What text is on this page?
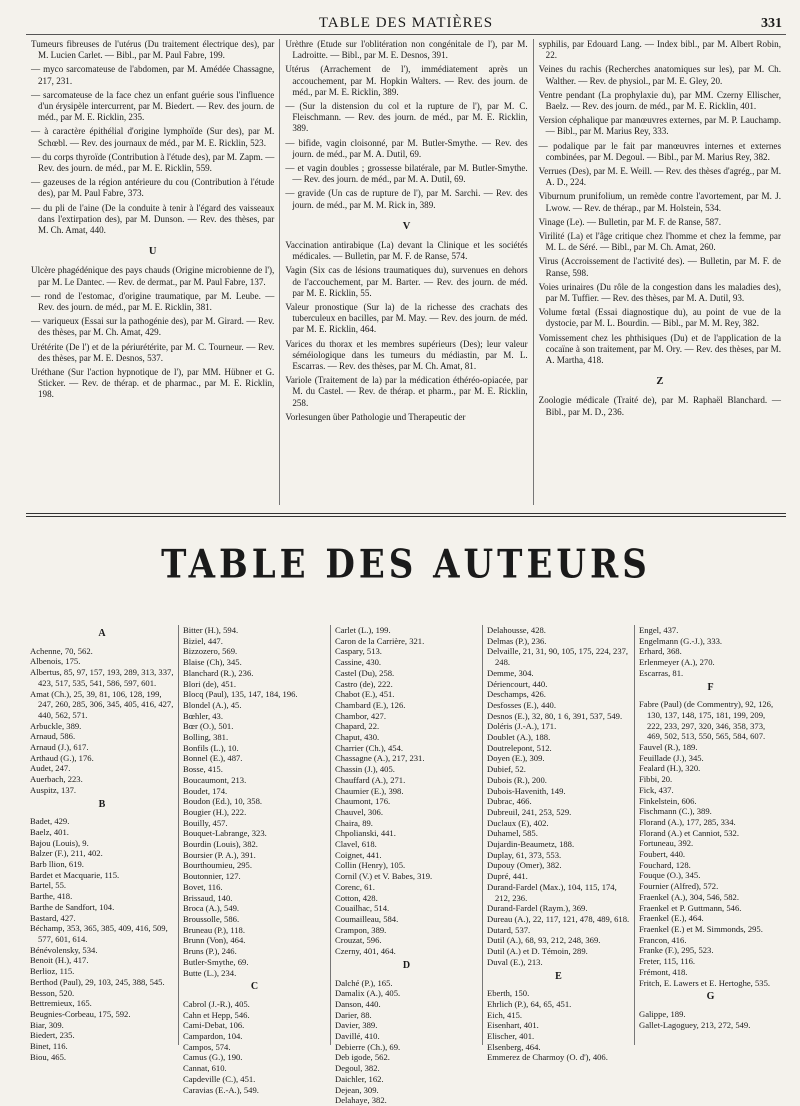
TABLE DES MATIÈRES	331

Tumeurs fibreuses de l'utérus (Du traitement électrique des), par M. Lucien Carlet. — Bibl., par M. Paul Fabre, 199.

— myco sarcomateuse de l'abdomen, par M. Amédée Chassagne, 217, 231.

— sarcomateuse de la face chez un enfant guérie sous l'influence d'un érysipèle intercurrent, par M. Biedert. — Rev. des journ. de méd., par M. E. Ricklin, 235.

— à caractère épithélial d'origine lymphoïde (Sur des), par M. Schœbl. — Rev. des journaux de méd., par M. E. Ricklin, 523.

— du corps thyroïde (Contribution à l'étude des), par M. Zapm. — Rev. des journ. de méd., par M. E. Ricklin, 559.

— gazeuses de la région antérieure du cou (Contribution à l'étude des), par M. Paul Fabre, 373.

— du pli de l'aine (De la conduite à tenir à l'égard des vaisseaux dans l'extirpation des), par M. Dunson. — Rev. des thèses, par M. Ch. Amat, 440.

U

Ulcère phagédénique des pays chauds (Origine microbienne de l'), par M. Le Dantec. — Rev. de dermat., par M. Paul Fabre, 137.

— rond de l'estomac, d'origine traumatique, par M. Leube. — Rev. des journ. de méd., par M. E. Ricklin, 381.

— variqueux (Essai sur la pathogénie des), par M. Girard. — Rev. des thèses, par M. Ch. Amat, 429.

Urétérite (De l') et de la périurétérite, par M. C. Tourneur. — Rev. des thèses, par M. E. Desnos, 537.

Uréthane (Sur l'action hypnotique de l'), par MM. Hübner et G. Sticker. — Rev. de thérap. et de pharmac., par M. E. Ricklin, 198.

Urèthre (Etude sur l'oblitération non congénitale de l'), par M. Ladroitte. — Bibl., par M. E. Desnos, 391.

Utérus (Arrachement de l'), immédiatement après un accouchement, par M. Hopkin Walters. — Rev. des journ. de méd., par M. E. Ricklin, 389.

— (Sur la distension du col et la rupture de l'), par M. C. Fleischmann. — Rev. des journ. de méd., par M. E. Ricklin, 389.

— bifide, vagin cloisonné, par M. Butler-Smythe. — Rev. des journ. de méd., par M. A. Dutil, 69.

— et vagin doubles ; grossesse bilatérale, par M. Butler-Smythe. — Rev. des journ. de méd., par M. A. Dutil, 69.

— gravide (Un cas de rupture de l'), par M. Sarchi. — Rev. des journ. de méd., par M. M. Rick in, 389.

V

Vaccination antirabique (La) devant la Clinique et les sociétés médicales. — Bulletin, par M. F. de Ranse, 574.

Vagin (Six cas de lésions traumatiques du), survenues en dehors de l'accouchement, par M. Barter. — Rev. des journ. de méd. par M. E. Ricklin, 55.

Valeur pronostique (Sur la) de la richesse des crachats des tuberculeux en bacilles, par M. May. — Rev. des journ. de méd. par M. E. Ricklin, 464.

Varices du thorax et les membres supérieurs (Des); leur valeur séméiologique dans les tumeurs du médiastin, par M. L. Escarras. — Rev. des thèses, par M. Ch. Amat, 81.

Variole (Traitement de la) par la médication éthéréo-opiacée, par M. du Castel. — Rev. de thérap. et pharm., par M. E. Ricklin, 258.

Vorlesungen über Pathologie und Therapeutic der

syphilis, par Edouard Lang. — Index bibl., par M. Albert Robin, 22.

Veines du rachis (Recherches anatomiques sur les), par M. Ch. Walther. — Rev. de physiol., par M. E. Gley, 20.

Ventre pendant (La prophylaxie du), par MM. Czerny Ellischer, Baelz. — Rev. des journ. de méd., par M. E. Ricklin, 401.

Version céphalique par manœuvres externes, par M. P. Lauchamp. — Bibl., par M. Marius Rey, 333.

— podalique par le fait par manœuvres internes et externes combinées, par M. Degoul. — Bibl., par M. Marius Rey, 382.

Verrues (Des), par M. E. Weill. — Rev. des thèses d'agrég., par M. A. D., 224.

Viburnum prunifolium, un remède contre l'avortement, par M. J. Lwow. — Rev. de thérap., par M. Holstein, 534.

Vinage (Le). — Bulletin, par M. F. de Ranse, 587.

Virilité (La) et l'âge critique chez l'homme et chez la femme, par M. L. de Séré. — Bibl., par M. Ch. Amat, 260.

Virus (Accroissement de l'activité des). — Bulletin, par M. F. de Ranse, 598.

Voies urinaires (Du rôle de la congestion dans les maladies des), par M. Tuffier. — Rev. des thèses, par M. A. Dutil, 93.

Volume fœtal (Essai diagnostique du), au point de vue de la dystocie, par M. L. Bourdin. — Bibl., par M. M. Rey, 382.

Vomissement chez les phthisiques (Du) et de l'application de la cocaïne à son traitement, par M. Ory. — Rev. des thèses, par M. A. Martha, 418.

Z

Zoologie médicale (Traité de), par M. Raphaël Blanchard. — Bibl., par M. D., 236.

TABLE DES AUTEURS
A

Achenne, 70, 562.

Albenois, 175.

Albertus, 85, 97, 157, 193, 289, 313, 337, 423, 517, 535, 541, 586, 597, 601.

Amat (Ch.), 25, 39, 81, 106, 128, 199, 247, 260, 285, 306, 345, 405, 416, 427, 440, 562, 571.

Arbuckle, 389.

Arnaud, 586.

Arnaud (J.), 617.

Arthaud (G.), 176.

Audet, 247.

Auerbach, 223.

Auspitz, 137.

B

Badet, 429.

Baelz, 401.

Bajou (Louis), 9.

Balzer (F.), 211, 402.

Barb llion, 619.

Bardet et Macquarie, 115.

Bartel, 55.

Barthe, 418.

Barthe de Sandfort, 104.

Bastard, 427.

Béchamp, 353, 365, 385, 409, 416, 509, 577, 601, 614.

Bénévolensky, 534.

Benoit (H.), 417.

Berlioz, 115.

Berthod (Paul), 29, 103, 245, 388, 545.

Besson, 520.

Bettremieux, 165.

Beugnies-Corbeau, 175, 592.

Biar, 309.

Biedert, 235.

Binet, 116.

Biou, 465.

Bitter (H.), 594.

Biziel, 447.

Bizzozero, 569.

Blaise (Ch), 345.

Blanchard (R.), 236.

Blori (de), 451.

Blocq (Paul), 135, 147, 184, 196.

Blondel (A.), 45.

Bœhler, 43.

Bœr (O.), 501.

Bolling, 381.

Bonfils (L.), 10.

Bonnel (E.), 487.

Bosse, 415.

Boucaumont, 213.

Boudet, 174.

Boudon (Ed.), 10, 358.

Bougier (H.), 222.

Bouilly, 457.

Bouquet-Labrange, 323.

Bourdin (Louis), 382.

Boursier (P. A.), 391.

Bourthoumieu, 295.

Boutonnier, 127.

Bovet, 116.

Brissaud, 140.

Broca (A.), 549.

Broussolle, 586.

Bruneau (P.), 118.

Brunn (Von), 464.

Bruns (P.), 246.

Butler-Smythe, 69.

Butte (L.), 234.

C

Cabrol (J.-R.), 405.

Cahn et Hepp, 546.

Cami-Debat, 106.

Campardon, 104.

Campos, 574.

Camus (G.), 190.

Cannat, 610.

Capdeville (C.), 451.

Caravias (E.-A.), 549.

Carlet (L.), 199.

Caron de la Carrière, 321.

Caspary, 513.

Cassine, 430.

Castel (Du), 258.

Castro (de), 222.

Chabot (E.), 451.

Chambard (E.), 126.

Chambor, 427.

Chapard, 22.

Chaput, 430.

Charrier (Ch.), 454.

Chassagne (A.), 217, 231.

Chassin (J.), 405.

Chauffard (A.), 271.

Chaumier (E.), 398.

Chaumont, 176.

Chauvel, 306.

Chaira, 89.

Chpolianski, 441.

Clavel, 618.

Coignet, 441.

Collin (Henry), 105.

Cornil (V.) et V. Babes, 319.

Corenc, 61.

Cotton, 428.

Couailhac, 514.

Coumailleau, 584.

Crampon, 389.

Crouzat, 596.

Czerny, 401, 464.

D

Dalché (P.), 165.

Damalix (A.), 405.

Danson, 440.

Darier, 88.

Davier, 389.

Davillé, 410.

Debierre (Ch.), 69.

Deb igode, 562.

Degoul, 382.

Daichler, 162.

Dejean, 309.

Delahaye, 382.

Delahousse, 428.

Delmas (P.), 236.

Delvaille, 21, 31, 90, 105, 175, 224, 237, 248.

Demme, 304.

Dériencourt, 440.

Deschamps, 426.

Desfosses (E.), 440.

Desnos (E.), 32, 80, 1 6, 391, 537, 549.

Doléris (J.-A.), 171.

Doublet (A.), 188.

Doutrelepont, 512.

Doyen (E.), 309.

Dubief, 52.

Dubois (R.), 200.

Dubois-Havenith, 149.

Dubrac, 466.

Dubreuil, 241, 253, 529.

Duclaux (E), 402.

Duhamel, 585.

Dujardin-Beaumetz, 188.

Duplay, 61, 373, 553.

Dupouy (Omer), 382.

Dupré, 441.

Durand-Fardel (Max.), 104, 115, 174, 212, 236.

Durand-Fardel (Raym.), 369.

Dureau (A.), 22, 117, 121, 478, 489, 618.

Dutard, 537.

Dutil (A.), 68, 93, 212, 248, 369.

Dutil (A.) et D. Témoin, 289.

Duval (E.), 213.

E

Eberth, 150.

Ehrlich (P.), 64, 65, 451.

Eich, 415.

Eisenhart, 401.

Elischer, 401.

Elsenberg, 464.

Emmerez de Charmoy (O. d'), 406.

Engel, 437.

Engelmann (G.-J.), 333.

Erhard, 368.

Erlenmeyer (A.), 270.

Escarras, 81.

F

Fabre (Paul) (de Commentry), 92, 126, 130, 137, 148, 175, 181, 199, 209, 222, 233, 297, 320, 346, 358, 373, 469, 502, 513, 550, 565, 584, 607.

Fauvel (R.), 189.

Feuillade (J.), 345.

Fealard (H.), 320.

Fibbi, 20.

Fick, 437.

Finkelstein, 606.

Fischmann (C.), 389.

Florand (A.), 177, 285, 334.

Florand (A.) et Canniot, 532.

Fortuneau, 392.

Foubert, 440.

Fouchard, 128.

Fouque (O.), 345.

Fournier (Alfred), 572.

Fraenkel (A.), 304, 546, 582.

Fraenkel et P. Guttmann, 546.

Fraenkel (E.), 464.

Fraenkel (E.) et M. Simmonds, 295.

Francon, 416.

Franke (F.), 295, 523.

Freter, 115, 116.

Frémont, 418.

Fritch, E. Lawers et E. Hertoghe, 535.

G

Galippe, 189.

Gallet-Lagoguey, 213, 272, 549.
